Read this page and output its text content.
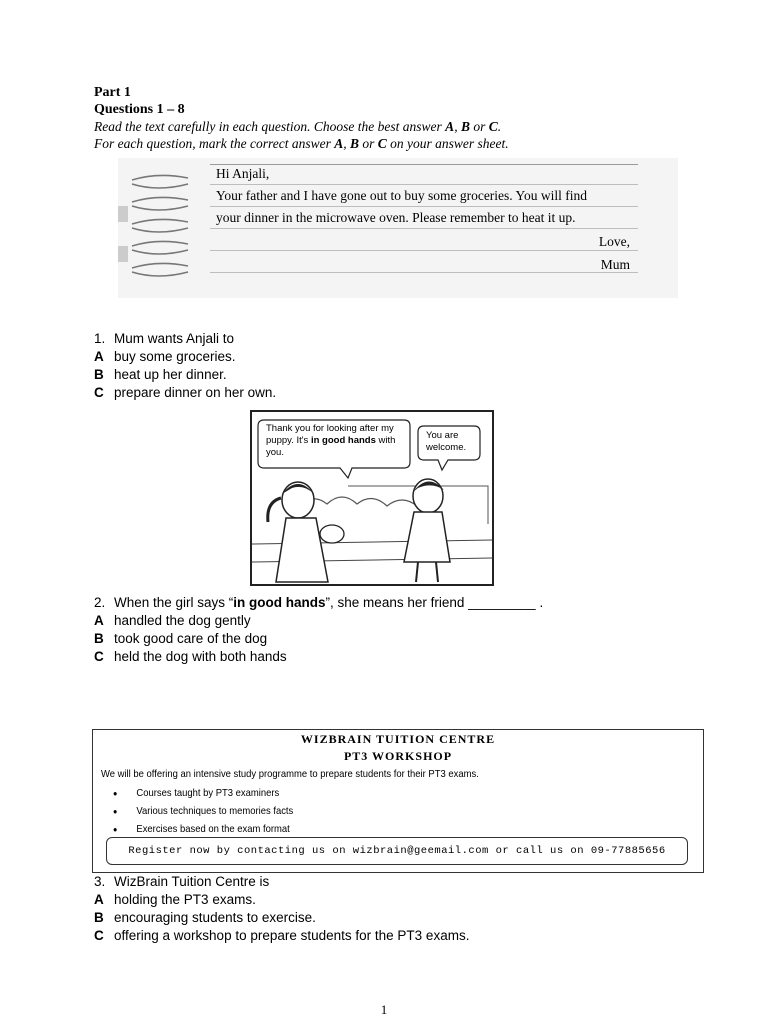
Part 1
Questions 1 – 8
Read the text carefully in each question. Choose the best answer A, B or C.
For each question, mark the correct answer A, B or C on your answer sheet.
Hi Anjali,
Your father and I have gone out to buy some groceries. You will find
your dinner in the microwave oven. Please remember to heat it up.
Love,
Mum
1. Mum wants Anjali to
A buy some groceries.
B heat up her dinner.
C prepare dinner on her own.
Thank you for looking after my puppy. It's in good hands with you.
You are welcome.
2. When the girl says “in good hands”, she means her friend _________ .
A handled the dog gently
B took good care of the dog
C held the dog with both hands
WIZBRAIN TUITION CENTRE
PT3 WORKSHOP
We will be offering an intensive study programme to prepare students for their PT3 exams.
● Courses taught by PT3 examiners
● Various techniques to memories facts
● Exercises based on the exam format
Register now by contacting us on wizbrain@geemail.com or call us on 09-77885656
3. WizBrain Tuition Centre is
A holding the PT3 exams.
B encouraging students to exercise.
C offering a workshop to prepare students for the PT3 exams.
1
